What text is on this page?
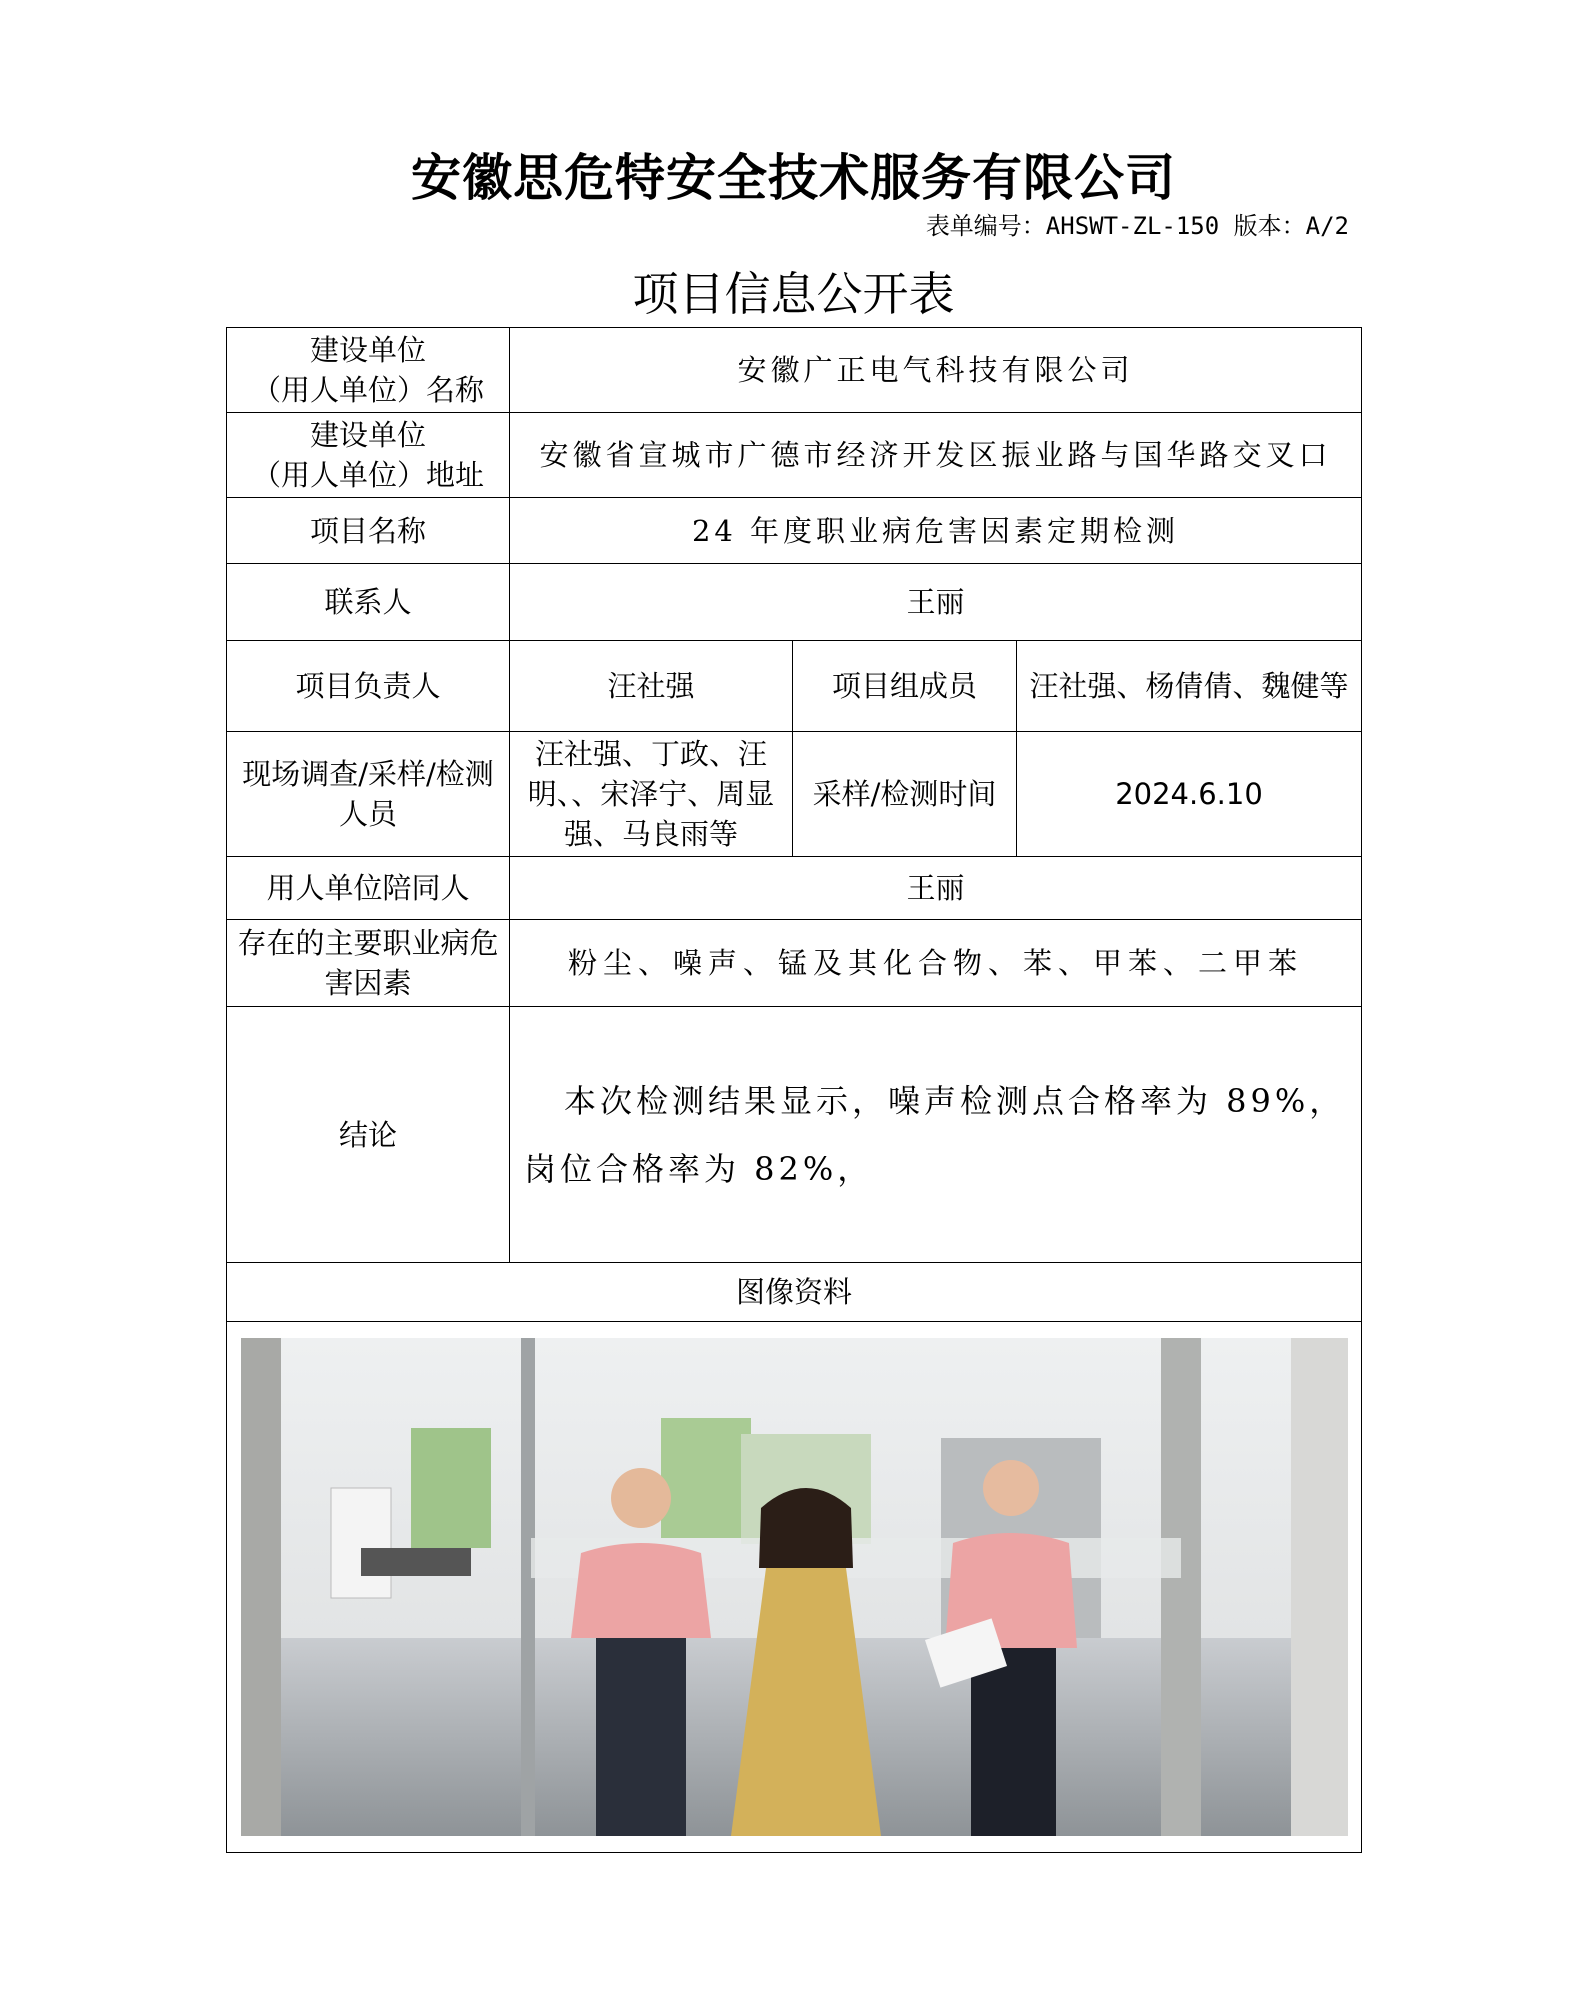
安徽思危特安全技术服务有限公司
表单编号：AHSWT-ZL-150 版本：A/2
项目信息公开表
建设单位
（用人单位）名称	安徽广正电气科技有限公司		
建设单位
（用人单位）地址	安徽省宣城市广德市经济开发区振业路与国华路交叉口		
项目名称	24 年度职业病危害因素定期检测		
联系人	王丽		
项目负责人	汪社强	项目组成员	汪社强、杨倩倩、魏健等
现场调查/采样/检测人员	汪社强、丁政、汪明、、宋泽宁、周显强、马良雨等	采样/检测时间	2024.6.10
用人单位陪同人	王丽		
存在的主要职业病危害因素	粉尘、噪声、锰及其化合物、苯、甲苯、二甲苯		
结论	本次检测结果显示，噪声检测点合格率为 89%，岗位合格率为 82%，		
图像资料			
